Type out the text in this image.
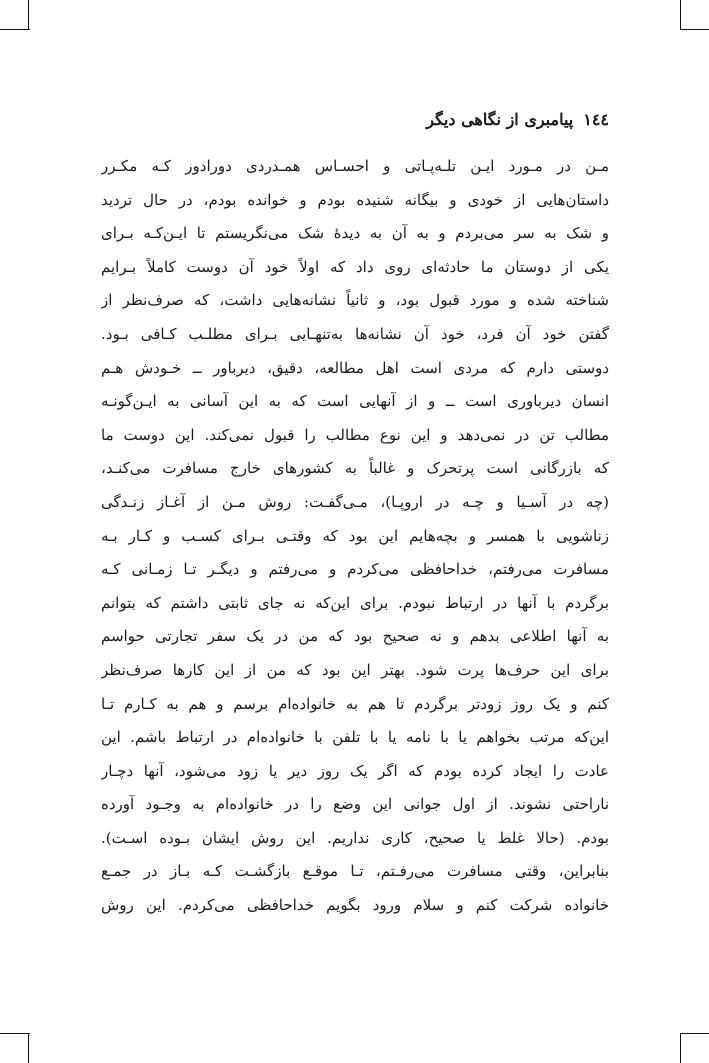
١٤٤
پیامبری از نگاهی دیگر
مـن در مـورد ایـن تلـه‌پـاتی و احسـاس همـدردی دورادور کـه مکـرر
داستان‌هایی از خودی و بیگانه شنیده بودم و خوانده بودم، در حال تردید
و شک به سر می‌بردم و به آن به دیدهٔ شک می‌نگریستم تا ایـن‌کـه بـرای
یکی از دوستان ما حادثه‌ای روی داد که اولاً خود آن دوست کاملاً بـرایم
شناخته شده و مورد قبول بود، و ثانیاً نشانه‌هایی داشت، که صرف‌نظر از
گفتن خود آن فرد، خود آن نشانه‌ها به‌تنهـایی بـرای مطلـب کـافی بـود.
دوستی دارم که مردی است اهل مطالعه، دقیق، دیرباور ــ خـودش هـم
انسان دیرباوری است ــ و از آنهایی است که به این آسانی به ایـن‌گونـه
مطالب تن در نمی‌دهد و این نوع مطالب را قبول نمی‌کند. این دوست ما
که بازرگانی است پرتحرک و غالباً به کشورهای خارج مسافرت می‌کنـد،
(چه در آسـیا و چـه در اروپـا)، مـی‌گفـت: روش مـن از آغـاز زنـدگی
زناشویی با همسر و بچه‌هایم این بود که وقتـی بـرای کسـب و کـار بـه
مسافرت می‌رفتم، خداحافظی می‌کردم و می‌رفتم و دیگـر تـا زمـانی کـه
برگردم با آنها در ارتباط نبودم. برای این‌که نه جای ثابتی داشتم که بتوانم
به آنها اطلاعی بدهم و نه صحیح بود که من در یک سفر تجارتی حواسم
برای این حرف‌ها پرت شود. بهتر این بود که من از این کارها صرف‌نظر
کنم و یک روز زودتر برگردم تا هم به خانواده‌ام برسم و هم به کـارم تـا
این‌که مرتب بخواهم یا با نامه یا با تلفن با خانواده‌ام در ارتباط باشم. این
عادت را ایجاد کرده بودم که اگر یک روز دیر یا زود می‌شود، آنها دچـار
ناراحتی نشوند. از اول جوانی این وضع را در خانواده‌ام به وجـود آورده
بودم. (حالا غلط یا صحیح، کاری نداریم. این روش ایشان بـوده اسـت).
بنابراین، وقتی مسافرت می‌رفـتم، تـا موقـع بازگشـت کـه بـاز در جمـع
خانواده شرکت کنم و سلام ورود بگویم خداحافظی می‌کردم. این روش
